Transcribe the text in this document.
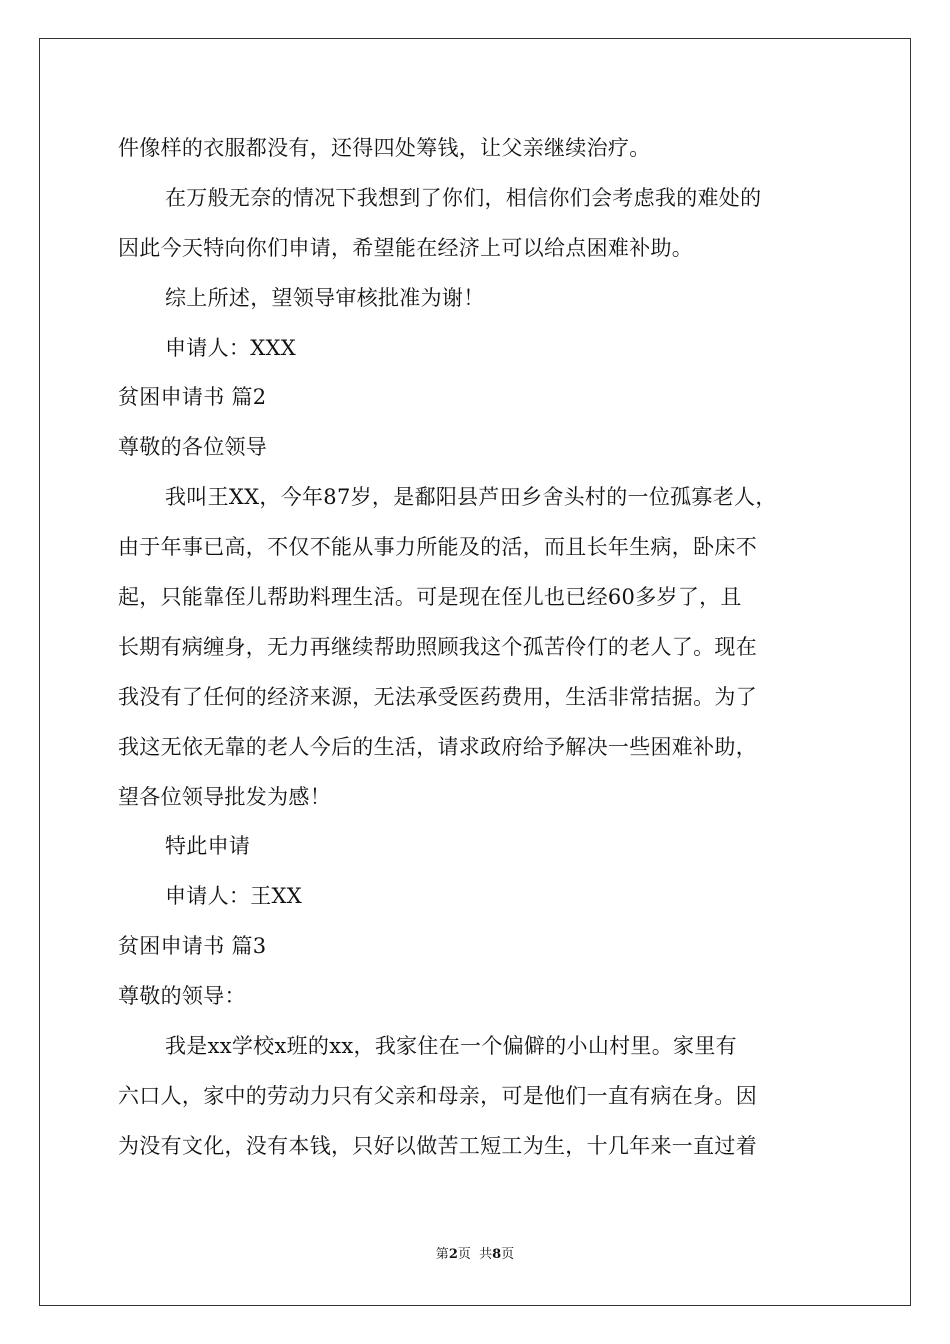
件像样的衣服都没有，还得四处筹钱，让父亲继续治疗。
在万般无奈的情况下我想到了你们，相信你们会考虑我的难处的
因此今天特向你们申请，希望能在经济上可以给点困难补助。
综上所述，望领导审核批准为谢！
申请人：XXX
贫困申请书 篇2
尊敬的各位领导
我叫王XX，今年87岁，是鄱阳县芦田乡舍头村的一位孤寡老人，
由于年事已高，不仅不能从事力所能及的活，而且长年生病，卧床不
起，只能靠侄儿帮助料理生活。可是现在侄儿也已经60多岁了，且
长期有病缠身，无力再继续帮助照顾我这个孤苦伶仃的老人了。现在
我没有了任何的经济来源，无法承受医药费用，生活非常拮据。为了
我这无依无靠的老人今后的生活，请求政府给予解决一些困难补助，
望各位领导批发为感！
特此申请
申请人：王XX
贫困申请书 篇3
尊敬的领导：
我是xx学校x班的xx，我家住在一个偏僻的小山村里。家里有
六口人，家中的劳动力只有父亲和母亲，可是他们一直有病在身。因
为没有文化，没有本钱，只好以做苦工短工为生，十几年来一直过着
第2页  共8页
